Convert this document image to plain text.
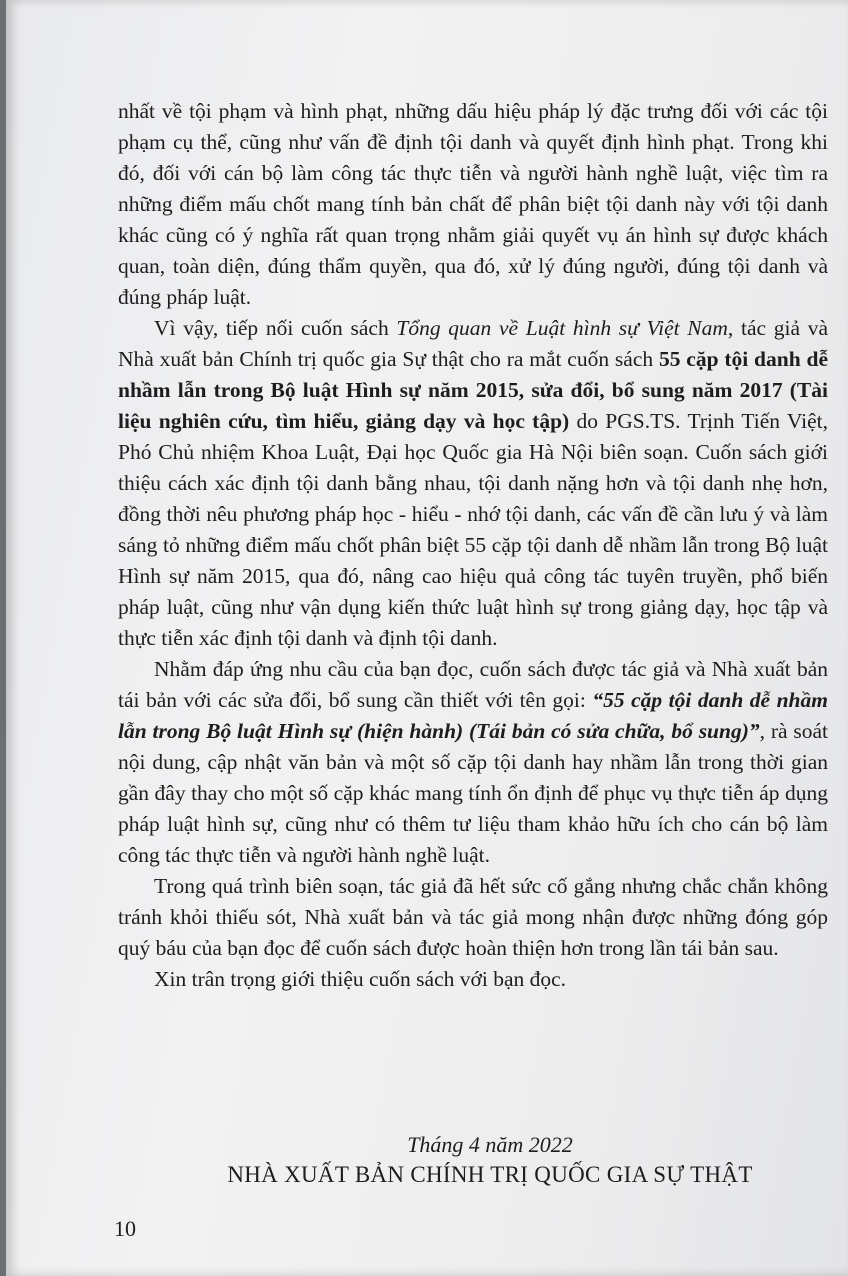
nhất về tội phạm và hình phạt, những dấu hiệu pháp lý đặc trưng đối với các tội phạm cụ thể, cũng như vấn đề định tội danh và quyết định hình phạt. Trong khi đó, đối với cán bộ làm công tác thực tiễn và người hành nghề luật, việc tìm ra những điểm mấu chốt mang tính bản chất để phân biệt tội danh này với tội danh khác cũng có ý nghĩa rất quan trọng nhằm giải quyết vụ án hình sự được khách quan, toàn diện, đúng thẩm quyền, qua đó, xử lý đúng người, đúng tội danh và đúng pháp luật.

Vì vậy, tiếp nối cuốn sách Tổng quan về Luật hình sự Việt Nam, tác giả và Nhà xuất bản Chính trị quốc gia Sự thật cho ra mắt cuốn sách 55 cặp tội danh dễ nhầm lẫn trong Bộ luật Hình sự năm 2015, sửa đổi, bổ sung năm 2017 (Tài liệu nghiên cứu, tìm hiểu, giảng dạy và học tập) do PGS.TS. Trịnh Tiến Việt, Phó Chủ nhiệm Khoa Luật, Đại học Quốc gia Hà Nội biên soạn. Cuốn sách giới thiệu cách xác định tội danh bằng nhau, tội danh nặng hơn và tội danh nhẹ hơn, đồng thời nêu phương pháp học - hiểu - nhớ tội danh, các vấn đề cần lưu ý và làm sáng tỏ những điểm mấu chốt phân biệt 55 cặp tội danh dễ nhầm lẫn trong Bộ luật Hình sự năm 2015, qua đó, nâng cao hiệu quả công tác tuyên truyền, phổ biến pháp luật, cũng như vận dụng kiến thức luật hình sự trong giảng dạy, học tập và thực tiễn xác định tội danh và định tội danh.

Nhằm đáp ứng nhu cầu của bạn đọc, cuốn sách được tác giả và Nhà xuất bản tái bản với các sửa đổi, bổ sung cần thiết với tên gọi: “55 cặp tội danh dễ nhầm lẫn trong Bộ luật Hình sự (hiện hành) (Tái bản có sửa chữa, bổ sung)”, rà soát nội dung, cập nhật văn bản và một số cặp tội danh hay nhầm lẫn trong thời gian gần đây thay cho một số cặp khác mang tính ổn định để phục vụ thực tiễn áp dụng pháp luật hình sự, cũng như có thêm tư liệu tham khảo hữu ích cho cán bộ làm công tác thực tiễn và người hành nghề luật.

Trong quá trình biên soạn, tác giả đã hết sức cố gắng nhưng chắc chắn không tránh khỏi thiếu sót, Nhà xuất bản và tác giả mong nhận được những đóng góp quý báu của bạn đọc để cuốn sách được hoàn thiện hơn trong lần tái bản sau.

Xin trân trọng giới thiệu cuốn sách với bạn đọc.

Tháng 4 năm 2022
NHÀ XUẤT BẢN CHÍNH TRỊ QUỐC GIA SỰ THẬT
10
